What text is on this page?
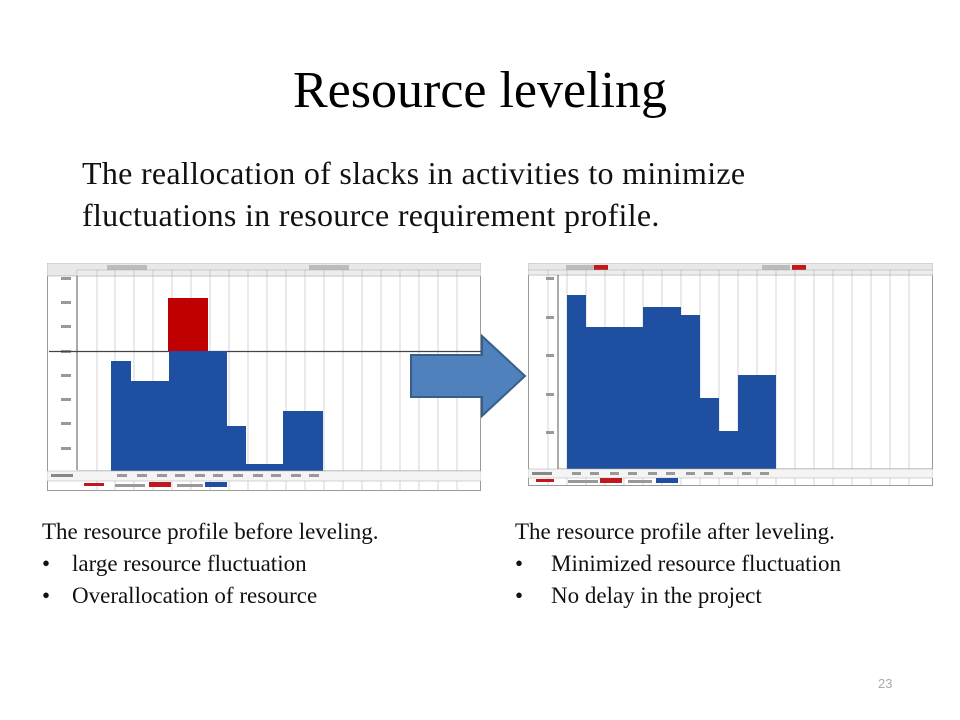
Resource leveling
The reallocation of slacks in activities to minimize fluctuations in resource requirement profile.
The resource profile before leveling.
• large resource fluctuation
• Overallocation of resource
The resource profile after leveling.
• Minimized resource fluctuation
• No delay in the project
23
